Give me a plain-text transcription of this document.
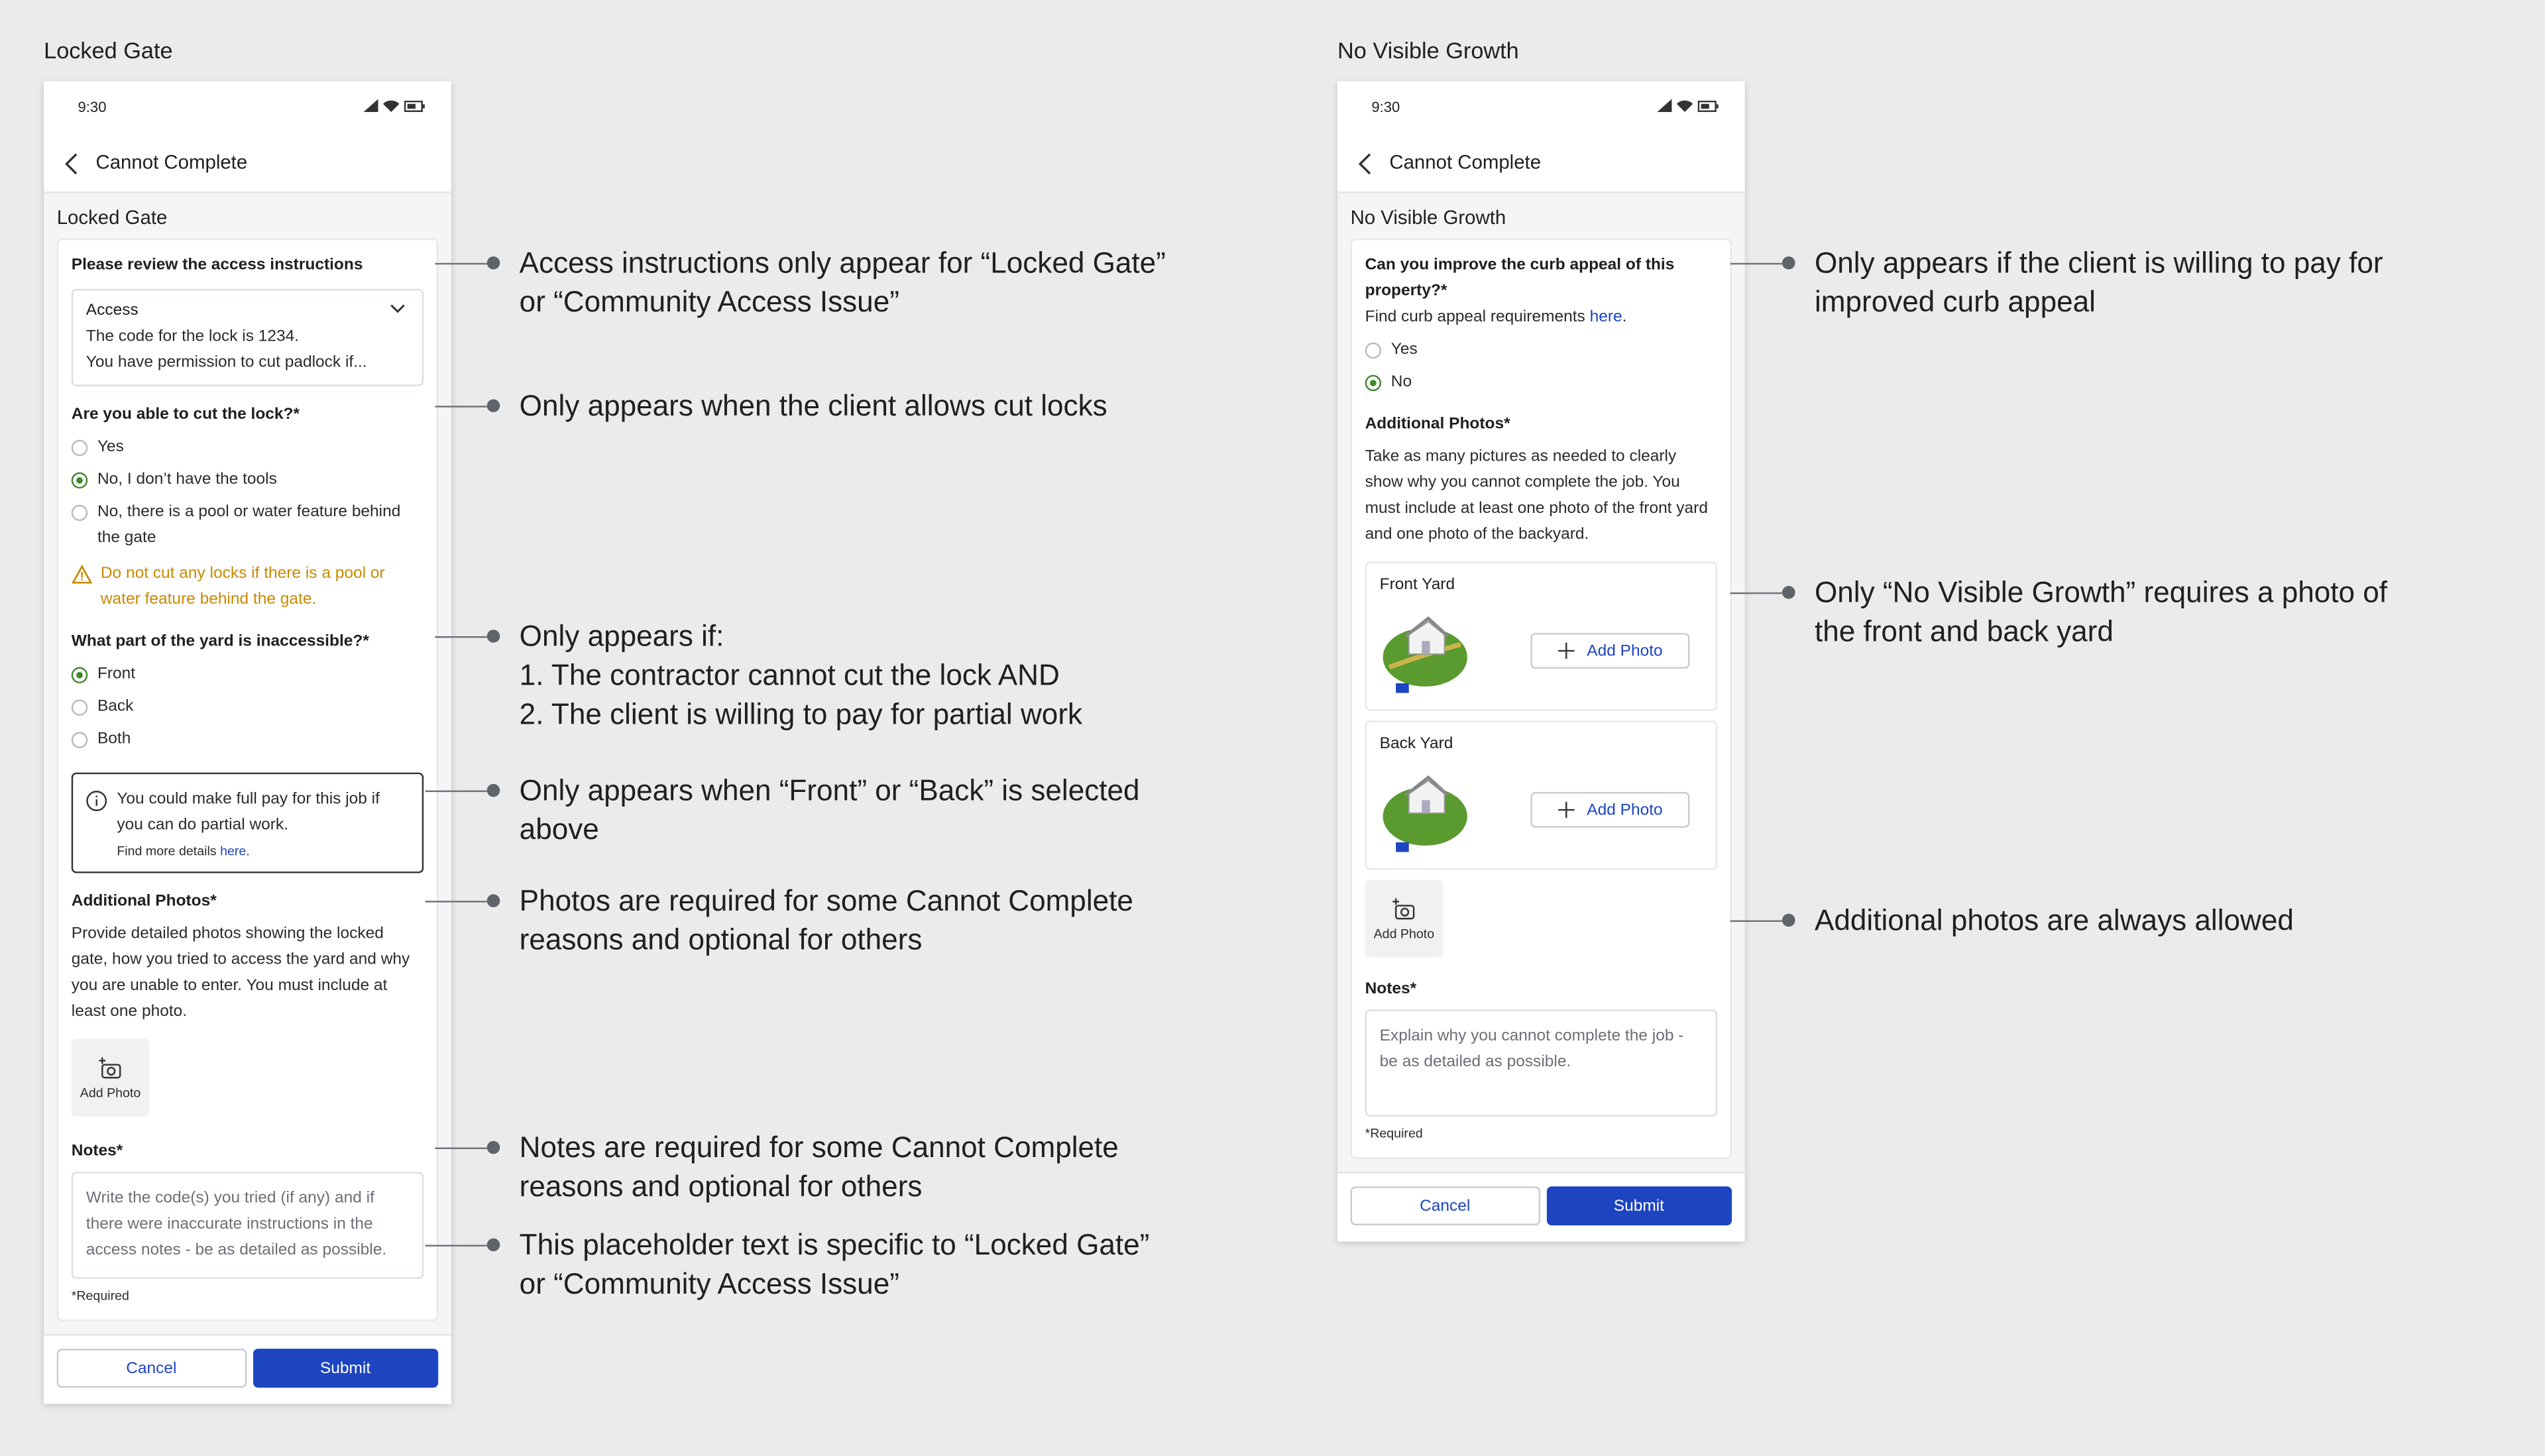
Locked Gate
9:30
Cannot Complete
Locked Gate
Please review the access instructions
Access
The code for the lock is 1234.
You have permission to cut padlock if...
Are you able to cut the lock?*
Yes
No, I don’t have the tools
No, there is a pool or water feature behind the gate
Do not cut any locks if there is a pool or water feature behind the gate.
What part of the yard is inaccessible?*
Front
Back
Both
You could make full pay for this job if you can do partial work.
Find more details here.
Additional Photos*
Provide detailed photos showing the locked gate, how you tried to access the yard and why you are unable to enter. You must include at least one photo.
Add Photo
Notes*
Write the code(s) you tried (if any) and if there were inaccurate instructions in the access notes - be as detailed as possible.
*Required
Cancel	Submit
Access instructions only appear for “Locked Gate”
or “Community Access Issue”
Only appears when the client allows cut locks
Only appears if:
1. The contractor cannot cut the lock AND
2. The client is willing to pay for partial work
Only appears when “Front” or “Back” is selected
above
Photos are required for some Cannot Complete
reasons and optional for others
Notes are required for some Cannot Complete
reasons and optional for others
This placeholder text is specific to “Locked Gate”
or “Community Access Issue”
No Visible Growth
9:30
Cannot Complete
No Visible Growth
Can you improve the curb appeal of this property?*
Find curb appeal requirements here.
Yes
No
Additional Photos*
Take as many pictures as needed to clearly show why you cannot complete the job. You must include at least one photo of the front yard and one photo of the backyard.
Front Yard
Add Photo
Back Yard
Add Photo
Add Photo
Notes*
Explain why you cannot complete the job - be as detailed as possible.
*Required
Cancel	Submit
Only appears if the client is willing to pay for
improved curb appeal
Only “No Visible Growth” requires a photo of
the front and back yard
Additional photos are always allowed
